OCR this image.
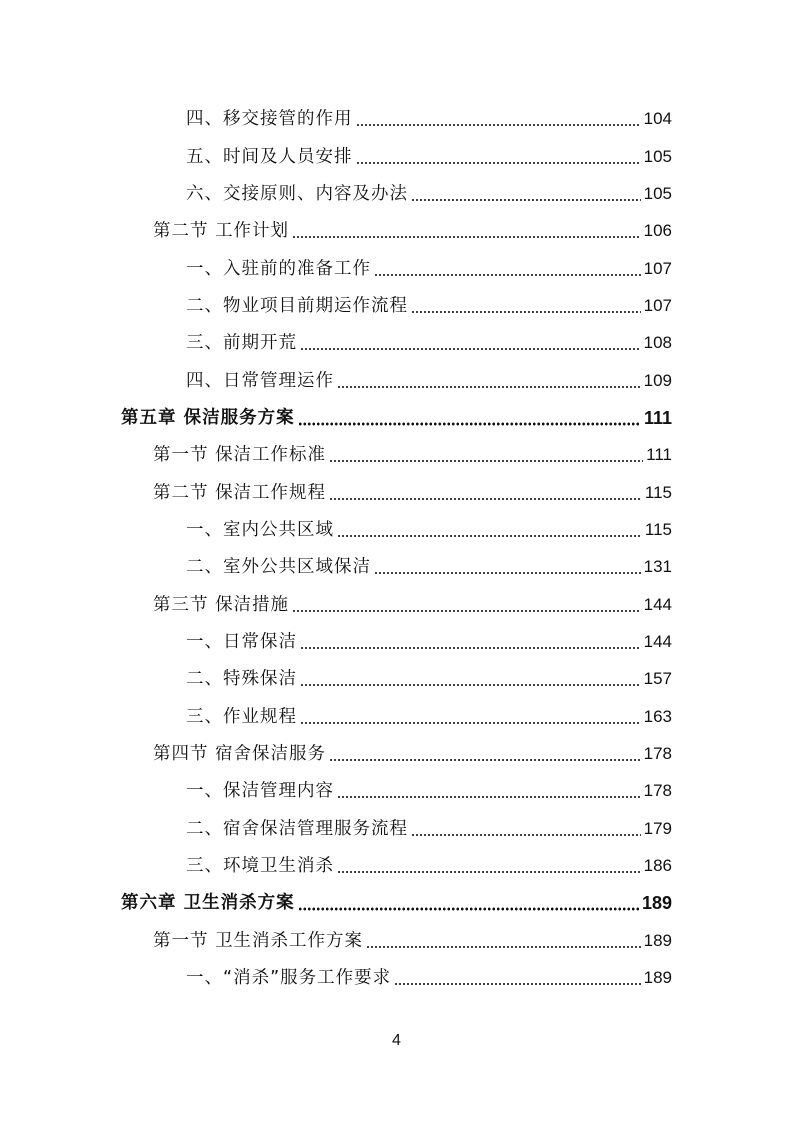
四、移交接管的作用	104
五、时间及人员安排	105
六、交接原则、内容及办法	105
第二节 工作计划	106
一、入驻前的准备工作	107
二、物业项目前期运作流程	107
三、前期开荒	108
四、日常管理运作	109
第五章 保洁服务方案	111
第一节 保洁工作标准	111
第二节 保洁工作规程	115
一、室内公共区域	115
二、室外公共区域保洁	131
第三节 保洁措施	144
一、日常保洁	144
二、特殊保洁	157
三、作业规程	163
第四节 宿舍保洁服务	178
一、保洁管理内容	178
二、宿舍保洁管理服务流程	179
三、环境卫生消杀	186
第六章 卫生消杀方案	189
第一节 卫生消杀工作方案	189
一、“消杀”服务工作要求	189
4
